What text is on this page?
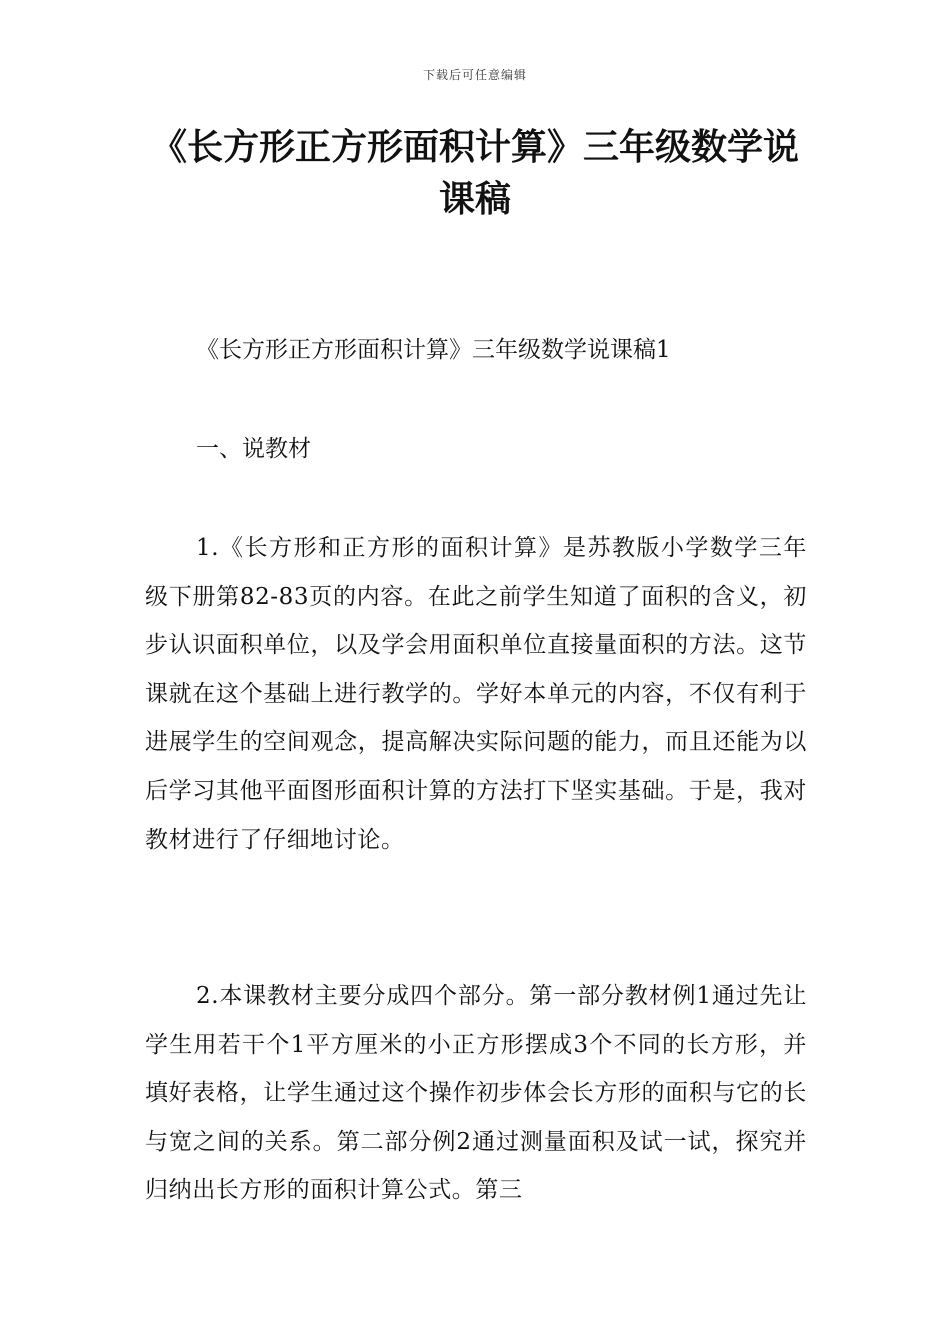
下载后可任意编辑
《长方形正方形面积计算》三年级数学说课稿
《长方形正方形面积计算》三年级数学说课稿1
一、说教材

1.《长方形和正方形的面积计算》是苏教版小学数学三年级下册第82-83页的内容。在此之前学生知道了面积的含义，初步认识面积单位，以及学会用面积单位直接量面积的方法。这节课就在这个基础上进行教学的。学好本单元的内容，不仅有利于进展学生的空间观念，提高解决实际问题的能力，而且还能为以后学习其他平面图形面积计算的方法打下坚实基础。于是，我对教材进行了仔细地讨论。

2.本课教材主要分成四个部分。第一部分教材例1通过先让学生用若干个1平方厘米的小正方形摆成3个不同的长方形，并填好表格，让学生通过这个操作初步体会长方形的面积与它的长与宽之间的关系。第二部分例2通过测量面积及试一试，探究并归纳出长方形的面积计算公式。第三
